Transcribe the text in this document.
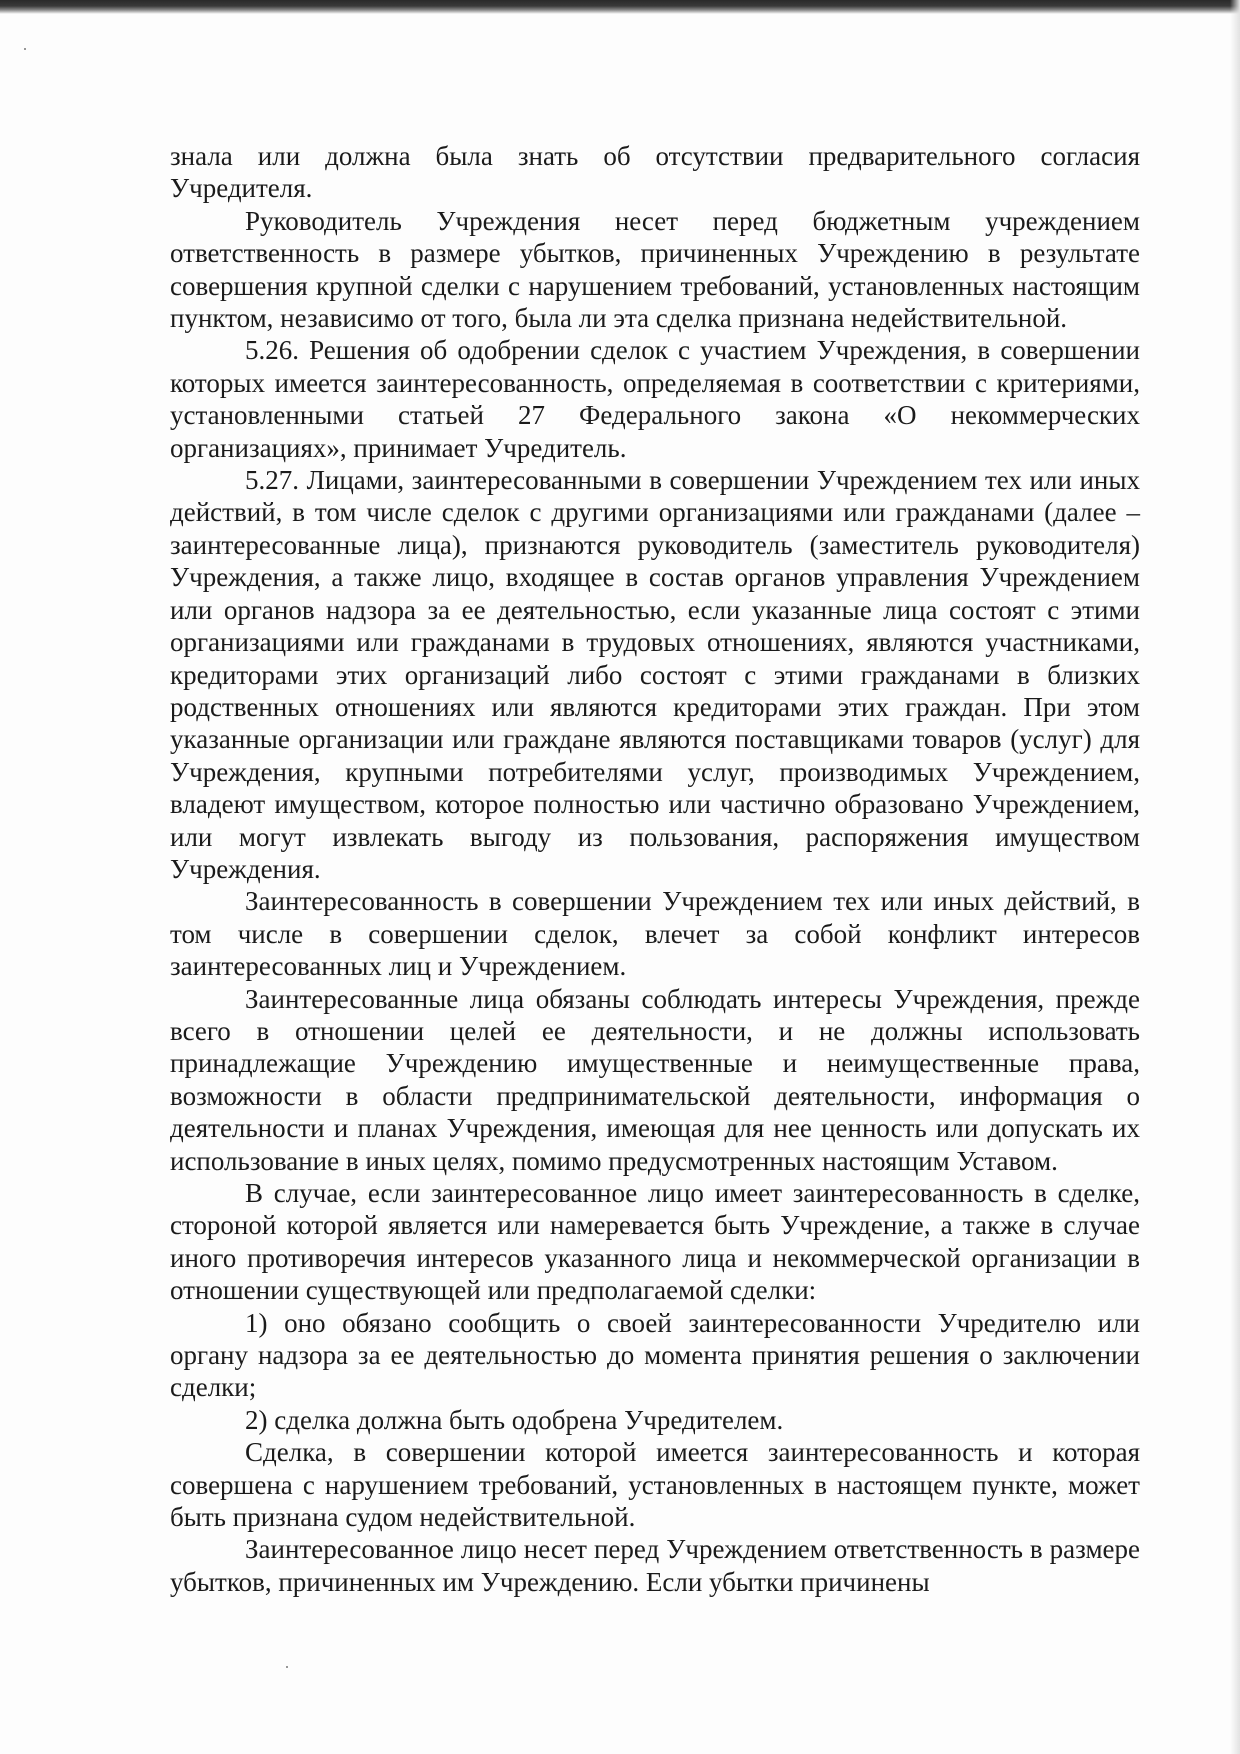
знала или должна была знать об отсутствии предварительного согласия Учредителя.

Руководитель Учреждения несет перед бюджетным учреждением ответственность в размере убытков, причиненных Учреждению в результате совершения крупной сделки с нарушением требований, установленных настоящим пунктом, независимо от того, была ли эта сделка признана недействительной.

5.26. Решения об одобрении сделок с участием Учреждения, в совершении которых имеется заинтересованность, определяемая в соответствии с критериями, установленными статьей 27 Федерального закона «О некоммерческих организациях», принимает Учредитель.

5.27. Лицами, заинтересованными в совершении Учреждением тех или иных действий, в том числе сделок с другими организациями или гражданами (далее – заинтересованные лица), признаются руководитель (заместитель руководителя) Учреждения, а также лицо, входящее в состав органов управления Учреждением или органов надзора за ее деятельностью, если указанные лица состоят с этими организациями или гражданами в трудовых отношениях, являются участниками, кредиторами этих организаций либо состоят с этими гражданами в близких родственных отношениях или являются кредиторами этих граждан. При этом указанные организации или граждане являются поставщиками товаров (услуг) для Учреждения, крупными потребителями услуг, производимых Учреждением, владеют имуществом, которое полностью или частично образовано Учреждением, или могут извлекать выгоду из пользования, распоряжения имуществом Учреждения.

Заинтересованность в совершении Учреждением тех или иных действий, в том числе в совершении сделок, влечет за собой конфликт интересов заинтересованных лиц и Учреждением.

Заинтересованные лица обязаны соблюдать интересы Учреждения, прежде всего в отношении целей ее деятельности, и не должны использовать принадлежащие Учреждению имущественные и неимущественные права, возможности в области предпринимательской деятельности, информация о деятельности и планах Учреждения, имеющая для нее ценность или допускать их использование в иных целях, помимо предусмотренных настоящим Уставом.

В случае, если заинтересованное лицо имеет заинтересованность в сделке, стороной которой является или намеревается быть Учреждение, а также в случае иного противоречия интересов указанного лица и некоммерческой организации в отношении существующей или предполагаемой сделки:

1) оно обязано сообщить о своей заинтересованности Учредителю или органу надзора за ее деятельностью до момента принятия решения о заключении сделки;

2) сделка должна быть одобрена Учредителем.

Сделка, в совершении которой имеется заинтересованность и которая совершена с нарушением требований, установленных в настоящем пункте, может быть признана судом недействительной.

Заинтересованное лицо несет перед Учреждением ответственность в размере убытков, причиненных им Учреждению. Если убытки причинены
